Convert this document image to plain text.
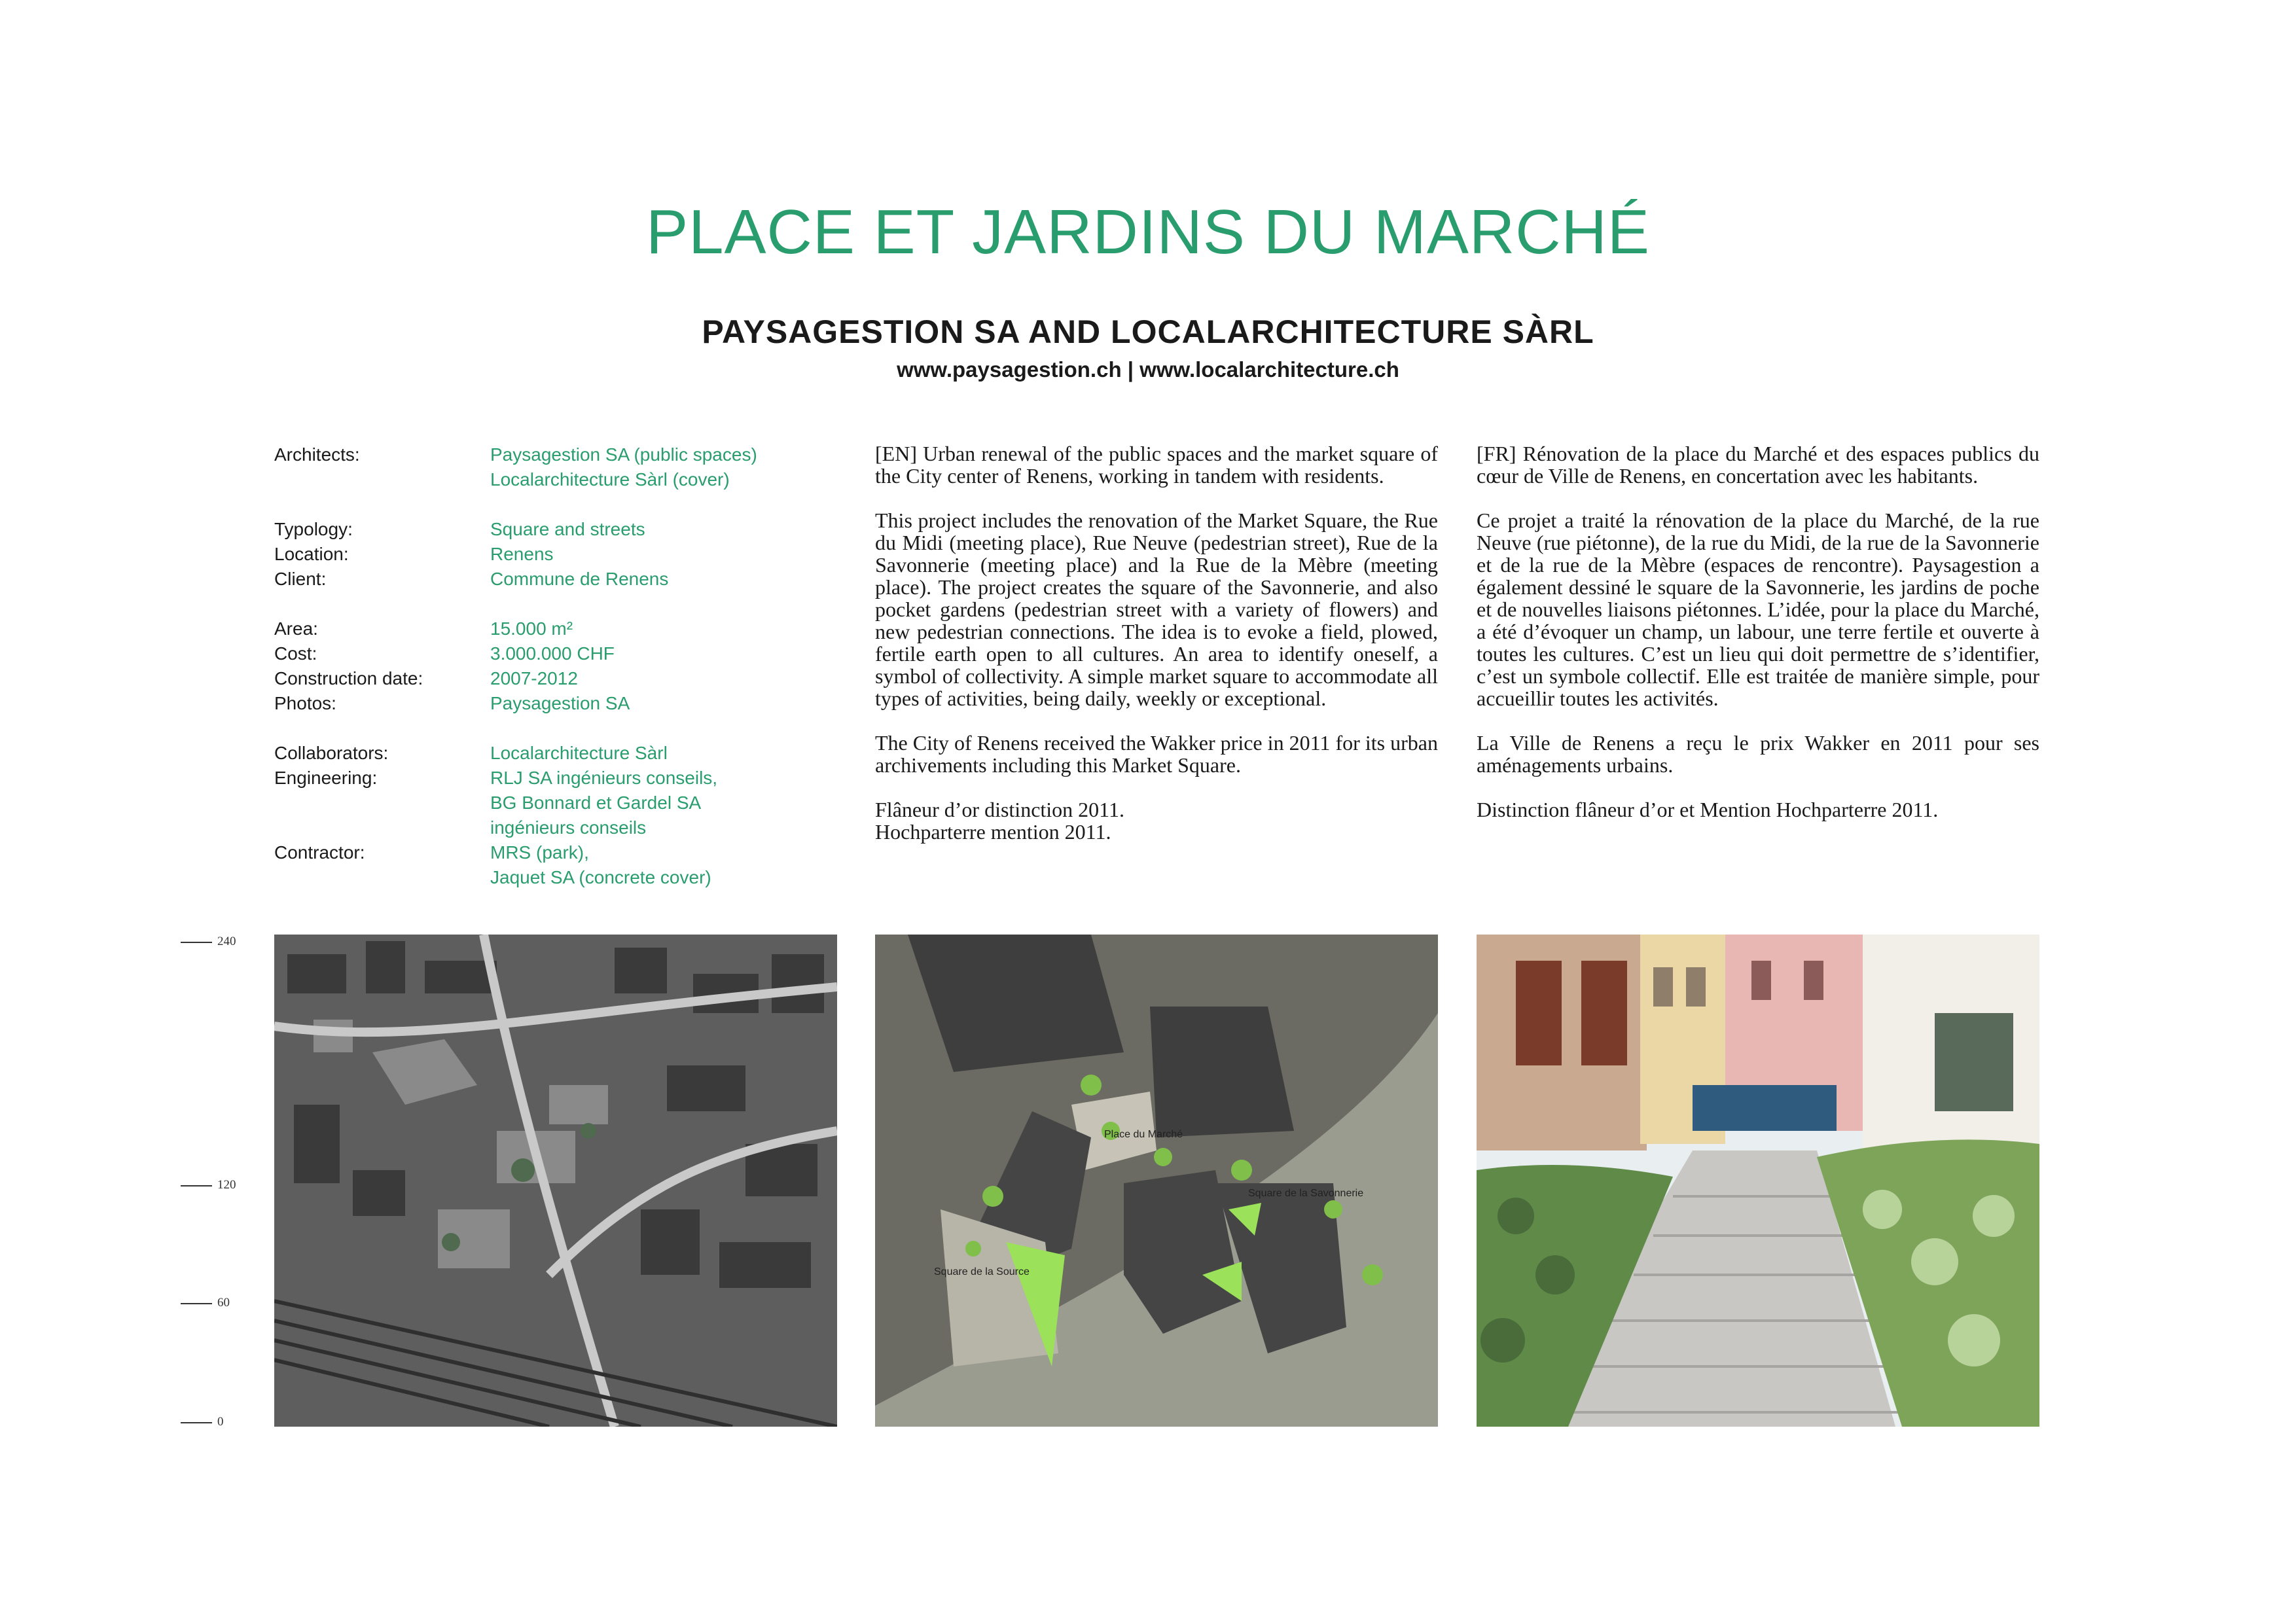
PLACE ET JARDINS DU MARCHÉ
PAYSAGESTION SA AND LOCALARCHITECTURE SÀRL
www.paysagestion.ch | www.localarchitecture.ch
Architects:	Paysagestion SA (public spaces)
Localarchitecture Sàrl (cover)
Typology:	Square and streets
Location:	Renens
Client:	Commune de Renens
Area:	15.000 m²
Cost:	3.000.000 CHF
Construction date:	2007-2012
Photos:	Paysagestion SA
Collaborators:	Localarchitecture Sàrl
Engineering:	RLJ SA ingénieurs conseils,
BG Bonnard et Gardel SA
ingénieurs conseils
Contractor:	MRS (park),
Jaquet SA (concrete cover)

[EN] Urban renewal of the public spaces and the market square of the City center of Renens, working in tandem with residents.

This project includes the renovation of the Market Square, the Rue du Midi (meeting place), Rue Neuve (pedestrian street), Rue de la Savonnerie (meeting place) and la Rue de la Mèbre (meeting place). The project creates the square of the Savonnerie, and also pocket gardens (pedestrian street with a variety of flowers) and new pedestrian connections. The idea is to evoke a field, plowed, fertile earth open to all cultures. An area to identify oneself, a symbol of collectivity. A simple market square to accommodate all types of activities, being daily, weekly or exceptional.

The City of Renens received the Wakker price in 2011 for its urban archivements including this Market Square.

Flâneur d’or distinction 2011.
Hochparterre mention 2011.

[FR] Rénovation de la place du Marché et des espaces publics du cœur de Ville de Renens, en concertation avec les habitants.

Ce projet a traité la rénovation de la place du Marché, de la rue Neuve (rue piétonne), de la rue du Midi, de la rue de la Savonnerie et de la rue de la Mèbre (espaces de rencontre). Paysagestion a également dessiné le square de la Savonnerie, les jardins de poche et de nouvelles liaisons piétonnes. L’idée, pour la place du Marché, a été d’évoquer un champ, un labour, une terre fertile et ouverte à toutes les cultures. C’est un lieu qui doit permettre de s’identifier, c’est un symbole collectif. Elle est traitée de manière simple, pour accueillir toutes les activités.

La Ville de Renens a reçu le prix Wakker en 2011 pour ses aménagements urbains.

Distinction flâneur d’or et Mention Hochparterre 2011.

240
120
60
0
Place du Marché
Square de la Savonnerie
Square de la Source
